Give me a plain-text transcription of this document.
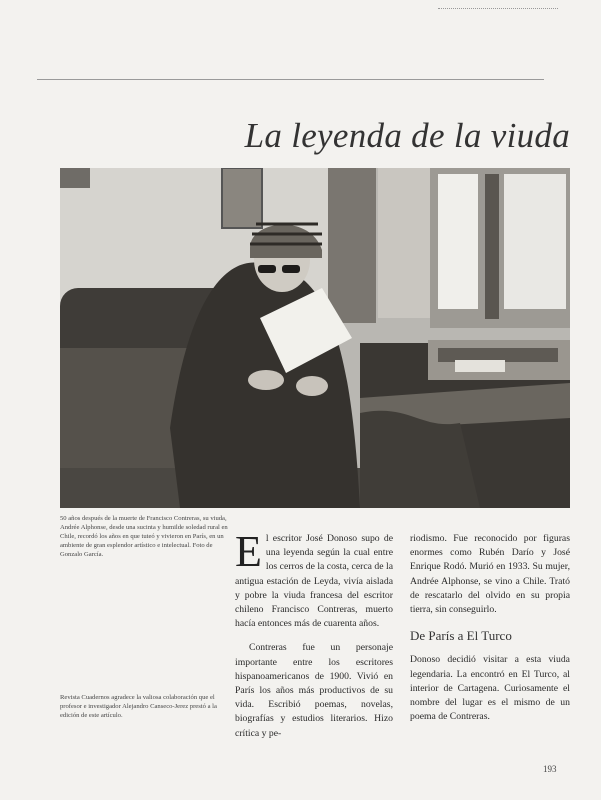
La leyenda de la viuda
50 años después de la muerte de Francisco Contreras, su viuda, Andrée Alphonse, desde una sucinta y humilde soledad rural en Chile, recordó los años en que tuteó y vivieron en París, en un ambiente de gran esplendor artístico e intelectual. Foto de Gonzalo García.
Revista Cuadernos agradece la valiosa colaboración que el profesor e investigador Alejandro Canseco-Jerez prestó a la edición de este artículo.

El escritor José Donoso supo de una leyenda según la cual entre los cerros de la costa, cerca de la antigua estación de Leyda, vivía aislada y pobre la viuda francesa del escritor chileno Francisco Contreras, muerto hacía entonces más de cuarenta años.

Contreras fue un personaje importante entre los escritores hispanoamericanos de 1900. Vivió en París los años más productivos de su vida. Escribió poemas, novelas, biografías y estudios literarios. Hizo crítica y pe-

riodismo. Fue reconocido por figuras enormes como Rubén Darío y José Enrique Rodó. Murió en 1933. Su mujer, Andrée Alphonse, se vino a Chile. Trató de rescatarlo del olvido en su propia tierra, sin conseguirlo.

De París a El Turco

Donoso decidió visitar a esta viuda legendaria. La encontró en El Turco, al interior de Cartagena. Curiosamente el nombre del lugar es el mismo de un poema de Contreras.

193
